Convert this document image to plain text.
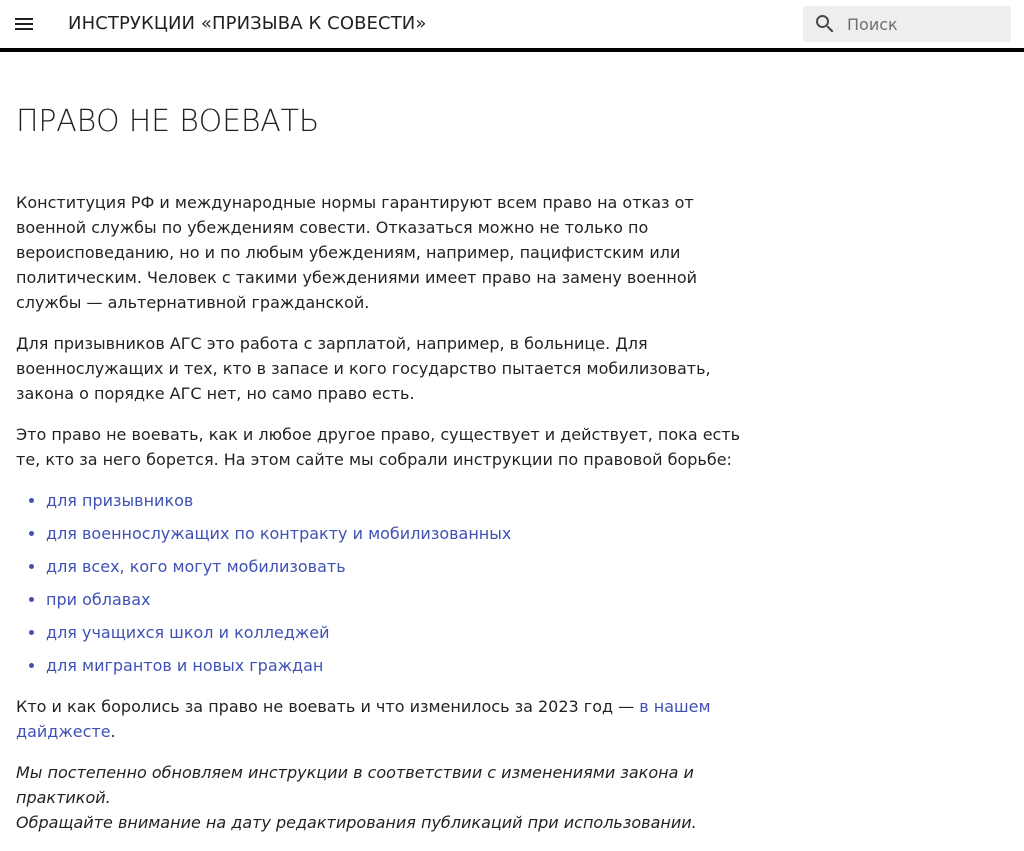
ИНСТРУКЦИИ «ПРИЗЫВА К СОВЕСТИ»
Поиск
ПРАВО НЕ ВОЕВАТЬ

Конституция РФ и международные нормы гарантируют всем право на отказ от военной службы по убеждениям совести. Отказаться можно не только по вероисповеданию, но и по любым убеждениям, например, пацифистским или политическим. Человек с такими убеждениями имеет право на замену военной службы — альтернативной гражданской.

Для призывников АГС это работа с зарплатой, например, в больнице. Для военнослужащих и тех, кто в запасе и кого государство пытается мобилизовать, закона о порядке АГС нет, но само право есть.

Это право не воевать, как и любое другое право, существует и действует, пока есть те, кто за него борется. На этом сайте мы собрали инструкции по правовой борьбе:

• для призывников
• для военнослужащих по контракту и мобилизованных
• для всех, кого могут мобилизовать
• при облавах
• для учащихся школ и колледжей
• для мигрантов и новых граждан

Кто и как боролись за право не воевать и что изменилось за 2023 год — в нашем дайджесте.

Мы постепенно обновляем инструкции в соответствии с изменениями закона и практикой.
Обращайте внимание на дату редактирования публикаций при использовании.
